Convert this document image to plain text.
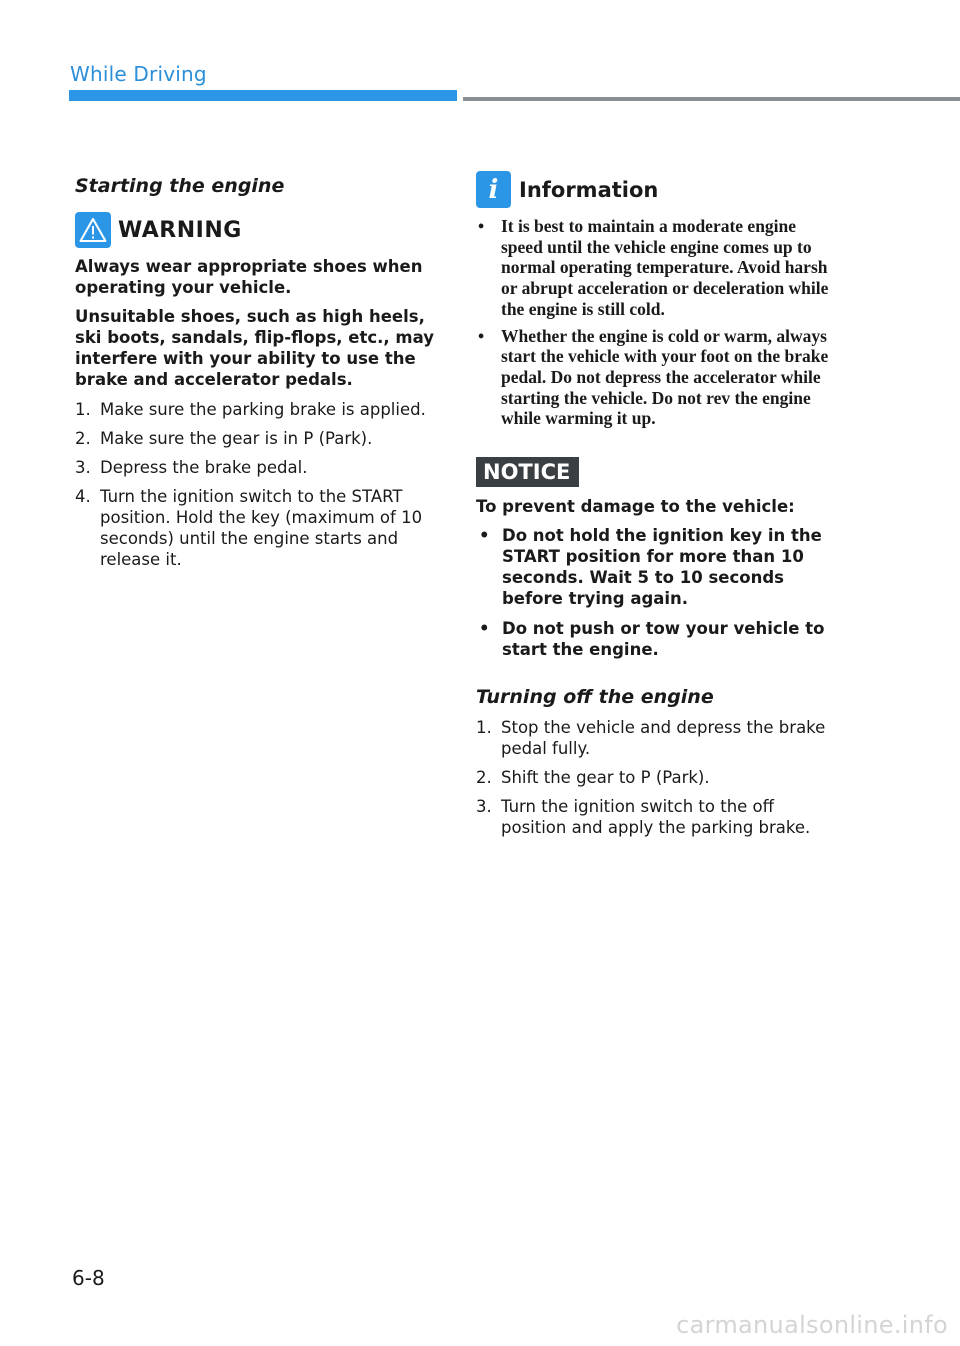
While Driving
Starting the engine
WARNING

Always wear appropriate shoes when operating your vehicle.

Unsuitable shoes, such as high heels, ski boots, sandals, flip-flops, etc., may interfere with your ability to use the brake and accelerator pedals.

1. Make sure the parking brake is applied.
2. Make sure the gear is in P (Park).
3. Depress the brake pedal.
4. Turn the ignition switch to the START position. Hold the key (maximum of 10 seconds) until the engine starts and release it.
i Information
• It is best to maintain a moderate engine speed until the vehicle engine comes up to normal operating temperature. Avoid harsh or abrupt acceleration or deceleration while the engine is still cold.
• Whether the engine is cold or warm, always start the vehicle with your foot on the brake pedal. Do not depress the accelerator while starting the vehicle. Do not rev the engine while warming it up.
NOTICE

To prevent damage to the vehicle:

• Do not hold the ignition key in the START position for more than 10 seconds. Wait 5 to 10 seconds before trying again.
• Do not push or tow your vehicle to start the engine.
Turning off the engine
1. Stop the vehicle and depress the brake pedal fully.
2. Shift the gear to P (Park).
3. Turn the ignition switch to the off position and apply the parking brake.
6-8
carmanualsonline.info
